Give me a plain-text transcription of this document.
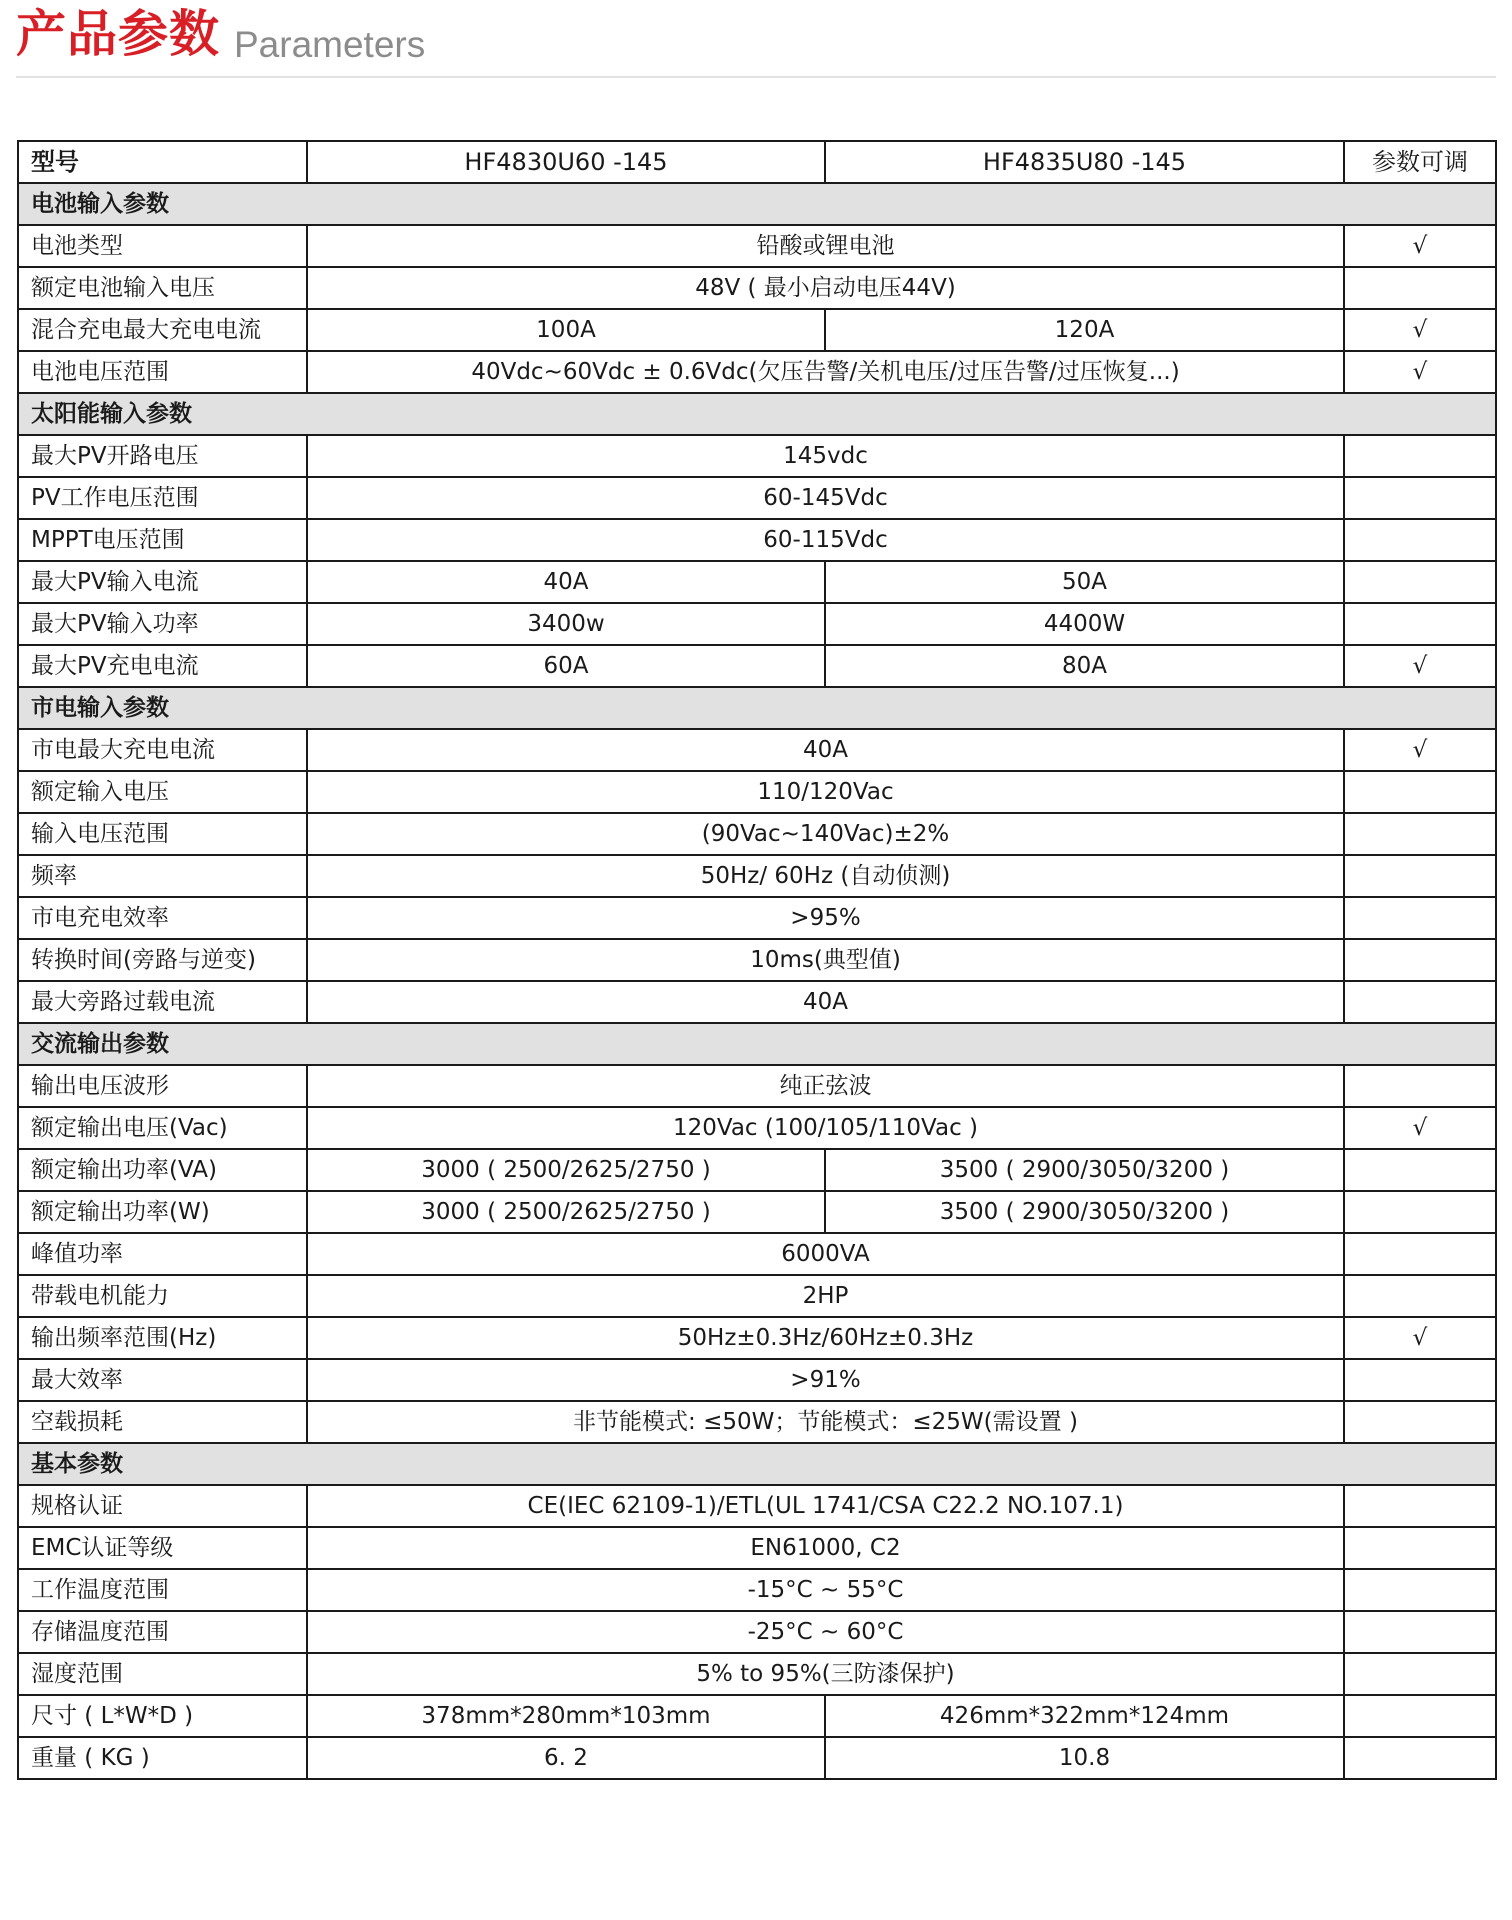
产品参数 Parameters
型号	HF4830U60 -145	HF4835U80 -145	参数可调
电池输入参数			
电池类型	铅酸或锂电池		√
额定电池输入电压	48V ( 最小启动电压44V)		
混合充电最大充电电流	100A	120A	√
电池电压范围	40Vdc~60Vdc ± 0.6Vdc(欠压告警/关机电压/过压告警/过压恢复...)		√
太阳能输入参数			
最大PV开路电压	145vdc		
PV工作电压范围	60-145Vdc		
MPPT电压范围	60-115Vdc		
最大PV输入电流	40A	50A	
最大PV输入功率	3400w	4400W	
最大PV充电电流	60A	80A	√
市电输入参数			
市电最大充电电流	40A		√
额定输入电压	110/120Vac		
输入电压范围	(90Vac~140Vac)±2%		
频率	50Hz/ 60Hz (自动侦测)		
市电充电效率	>95%		
转换时间(旁路与逆变)	10ms(典型值)		
最大旁路过载电流	40A		
交流输出参数			
输出电压波形	纯正弦波		
额定输出电压(Vac)	120Vac (100/105/110Vac )		√
额定输出功率(VA)	3000 ( 2500/2625/2750 )	3500 ( 2900/3050/3200 )	
额定输出功率(W)	3000 ( 2500/2625/2750 )	3500 ( 2900/3050/3200 )	
峰值功率	6000VA		
带载电机能力	2HP		
输出频率范围(Hz)	50Hz±0.3Hz/60Hz±0.3Hz		√
最大效率	>91%		
空载损耗	非节能模式: ≤50W；节能模式：≤25W(需设置 )		
基本参数			
规格认证	CE(IEC 62109-1)/ETL(UL 1741/CSA C22.2 NO.107.1)		
EMC认证等级	EN61000, C2		
工作温度范围	-15°C ~ 55°C		
存储温度范围	-25°C ~ 60°C		
湿度范围	5% to 95%(三防漆保护)		
尺寸 ( L*W*D )	378mm*280mm*103mm	426mm*322mm*124mm	
重量 ( KG )	6. 2	10.8	
